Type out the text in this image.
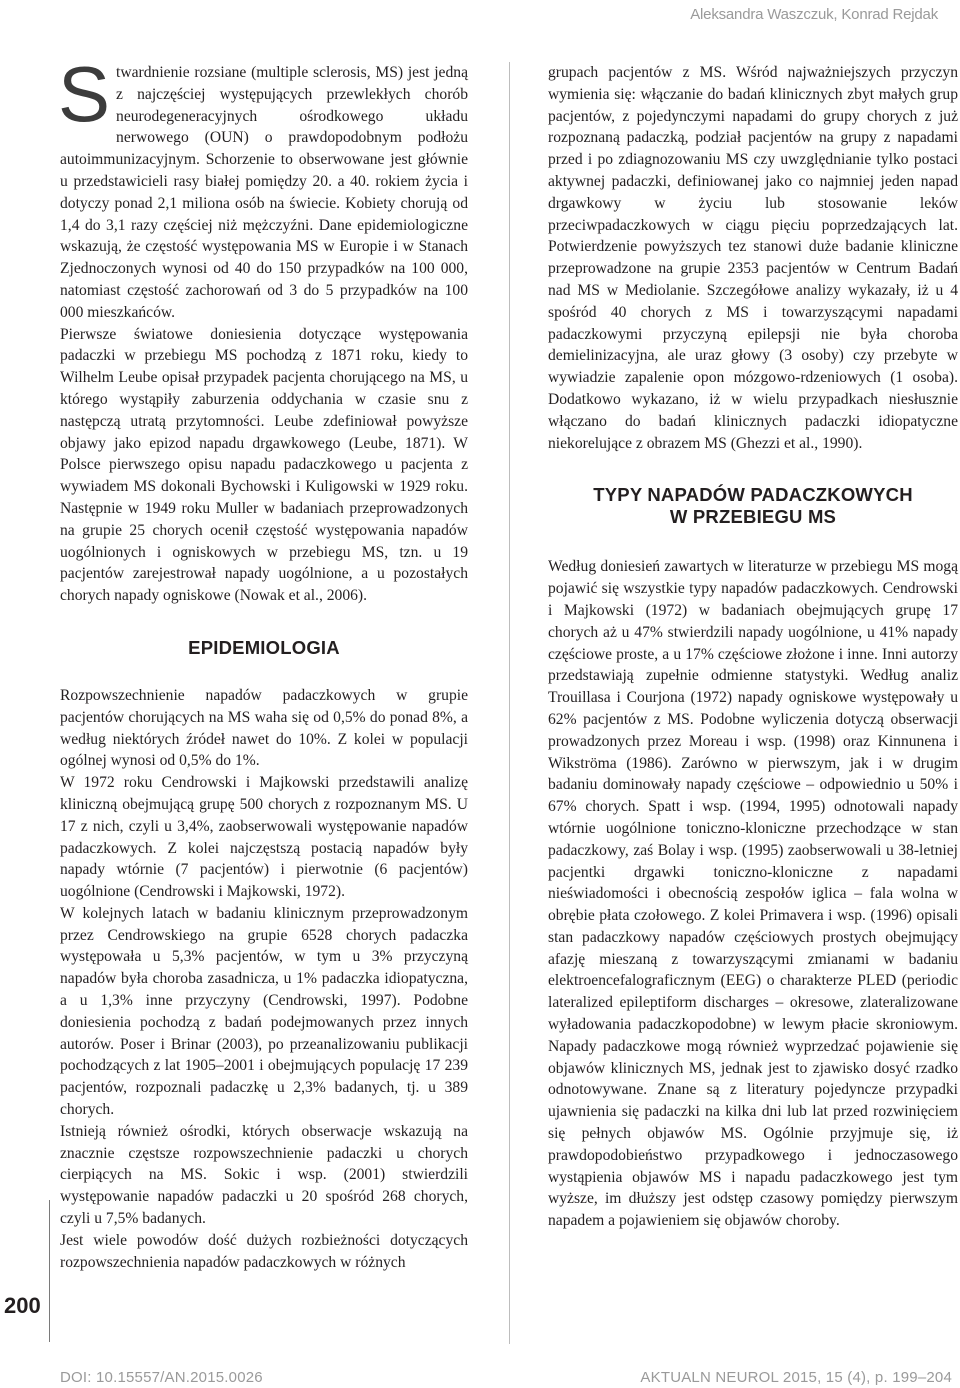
Aleksandra Waszczuk, Konrad Rejdak
200
S twardnienie rozsiane (multiple sclerosis, MS) jest jedną z najczęściej występujących przewlekłych chorób neurodegeneracyjnych ośrodkowego układu nerwowego (OUN) o prawdopodobnym podłożu autoimmunizacyjnym. Schorzenie to obserwowane jest głównie u przedstawicieli rasy białej pomiędzy 20. a 40. rokiem życia i dotyczy ponad 2,1 miliona osób na świecie. Kobiety chorują od 1,4 do 3,1 razy częściej niż mężczyźni. Dane epidemiologiczne wskazują, że częstość występowania MS w Europie i w Stanach Zjednoczonych wynosi od 40 do 150 przypadków na 100 000, natomiast częstość zachorowań od 3 do 5 przypadków na 100 000 mieszkańców.

Pierwsze światowe doniesienia dotyczące występowania padaczki w przebiegu MS pochodzą z 1871 roku, kiedy to Wilhelm Leube opisał przypadek pacjenta chorującego na MS, u którego wystąpiły zaburzenia oddychania w czasie snu z następczą utratą przytomności. Leube zdefiniował powyższe objawy jako epizod napadu drgawkowego (Leube, 1871). W Polsce pierwszego opisu napadu padaczkowego u pacjenta z wywiadem MS dokonali Bychowski i Kuligowski w 1929 roku. Następnie w 1949 roku Muller w badaniach przeprowadzonych na grupie 25 chorych ocenił częstość występowania napadów uogólnionych i ogniskowych w przebiegu MS, tzn. u 19 pacjentów zarejestrował napady uogólnione, a u pozostałych chorych napady ogniskowe (Nowak et al., 2006).

EPIDEMIOLOGIA

Rozpowszechnienie napadów padaczkowych w grupie pacjentów chorujących na MS waha się od 0,5% do ponad 8%, a według niektórych źródeł nawet do 10%. Z kolei w populacji ogólnej wynosi od 0,5% do 1%.

W 1972 roku Cendrowski i Majkowski przedstawili analizę kliniczną obejmującą grupę 500 chorych z rozpoznanym MS. U 17 z nich, czyli u 3,4%, zaobserwowali występowanie napadów padaczkowych. Z kolei najczęstszą postacią napadów były napady wtórnie (7 pacjentów) i pierwotnie (6 pacjentów) uogólnione (Cendrowski i Majkowski, 1972).

W kolejnych latach w badaniu klinicznym przeprowadzonym przez Cendrowskiego na grupie 6528 chorych padaczka występowała u 5,3% pacjentów, w tym u 3% przyczyną napadów była choroba zasadnicza, u 1% padaczka idiopatyczna, a u 1,3% inne przyczyny (Cendrowski, 1997). Podobne doniesienia pochodzą z badań podejmowanych przez innych autorów. Poser i Brinar (2003), po przeanalizowaniu publikacji pochodzących z lat 1905–2001 i obejmujących populację 17 239 pacjentów, rozpoznali padaczkę u 2,3% badanych, tj. u 389 chorych.

Istnieją również ośrodki, których obserwacje wskazują na znacznie częstsze rozpowszechnienie padaczki u chorych cierpiących na MS. Sokic i wsp. (2001) stwierdzili występowanie napadów padaczki u 20 spośród 268 chorych, czyli u 7,5% badanych.

Jest wiele powodów dość dużych rozbieżności dotyczących rozpowszechnienia napadów padaczkowych w różnych

grupach pacjentów z MS. Wśród najważniejszych przyczyn wymienia się: włączanie do badań klinicznych zbyt małych grup pacjentów, z pojedynczymi napadami do grupy chorych z już rozpoznaną padaczką, podział pacjentów na grupy z napadami przed i po zdiagnozowaniu MS czy uwzględnianie tylko postaci aktywnej padaczki, definiowanej jako co najmniej jeden napad drgawkowy w życiu lub stosowanie leków przeciwpadaczkowych w ciągu pięciu poprzedzających lat. Potwierdzenie powyższych tez stanowi duże badanie kliniczne przeprowadzone na grupie 2353 pacjentów w Centrum Badań nad MS w Mediolanie. Szczegółowe analizy wykazały, iż u 4 spośród 40 chorych z MS i towarzyszącymi napadami padaczkowymi przyczyną epilepsji nie była choroba demielinizacyjna, ale uraz głowy (3 osoby) czy przebyte w wywiadzie zapalenie opon mózgowo-rdzeniowych (1 osoba). Dodatkowo wykazano, iż w wielu przypadkach niesłusznie włączano do badań klinicznych padaczki idiopatyczne niekorelujące z obrazem MS (Ghezzi et al., 1990).

TYPY NAPADÓW PADACZKOWYCH
W PRZEBIEGU MS

Według doniesień zawartych w literaturze w przebiegu MS mogą pojawić się wszystkie typy napadów padaczkowych. Cendrowski i Majkowski (1972) w badaniach obejmujących grupę 17 chorych aż u 47% stwierdzili napady uogólnione, u 41% napady częściowe proste, a u 17% częściowe złożone i inne. Inni autorzy przedstawiają zupełnie odmienne statystyki. Według analiz Trouillasa i Courjona (1972) napady ogniskowe występowały u 62% pacjentów z MS. Podobne wyliczenia dotyczą obserwacji prowadzonych przez Moreau i wsp. (1998) oraz Kinnunena i Wikströma (1986). Zarówno w pierwszym, jak i w drugim badaniu dominowały napady częściowe – odpowiednio u 50% i 67% chorych. Spatt i wsp. (1994, 1995) odnotowali napady wtórnie uogólnione toniczno-kloniczne przechodzące w stan padaczkowy, zaś Bolay i wsp. (1995) zaobserwowali u 38-letniej pacjentki drgawki toniczno-kloniczne z napadami nieświadomości i obecnością zespołów iglica – fala wolna w obrębie płata czołowego. Z kolei Primavera i wsp. (1996) opisali stan padaczkowy napadów częściowych prostych obejmujący afazję mieszaną z towarzyszącymi zmianami w badaniu elektroencefalograficznym (EEG) o charakterze PLED (periodic lateralized epileptiform discharges – okresowe, zlateralizowane wyładowania padaczkopodobne) w lewym płacie skroniowym. Napady padaczkowe mogą również wyprzedzać pojawienie się objawów klinicznych MS, jednak jest to zjawisko dosyć rzadko odnotowywane. Znane są z literatury pojedyncze przypadki ujawnienia się padaczki na kilka dni lub lat przed rozwinięciem się pełnych objawów MS. Ogólnie przyjmuje się, iż prawdopodobieństwo przypadkowego i jednoczasowego wystąpienia objawów MS i napadu padaczkowego jest tym wyższe, im dłuższy jest odstęp czasowy pomiędzy pierwszym napadem a pojawieniem się objawów choroby.

DOI: 10.15557/AN.2015.0026	AKTUALN NEUROL 2015, 15 (4), p. 199–204
